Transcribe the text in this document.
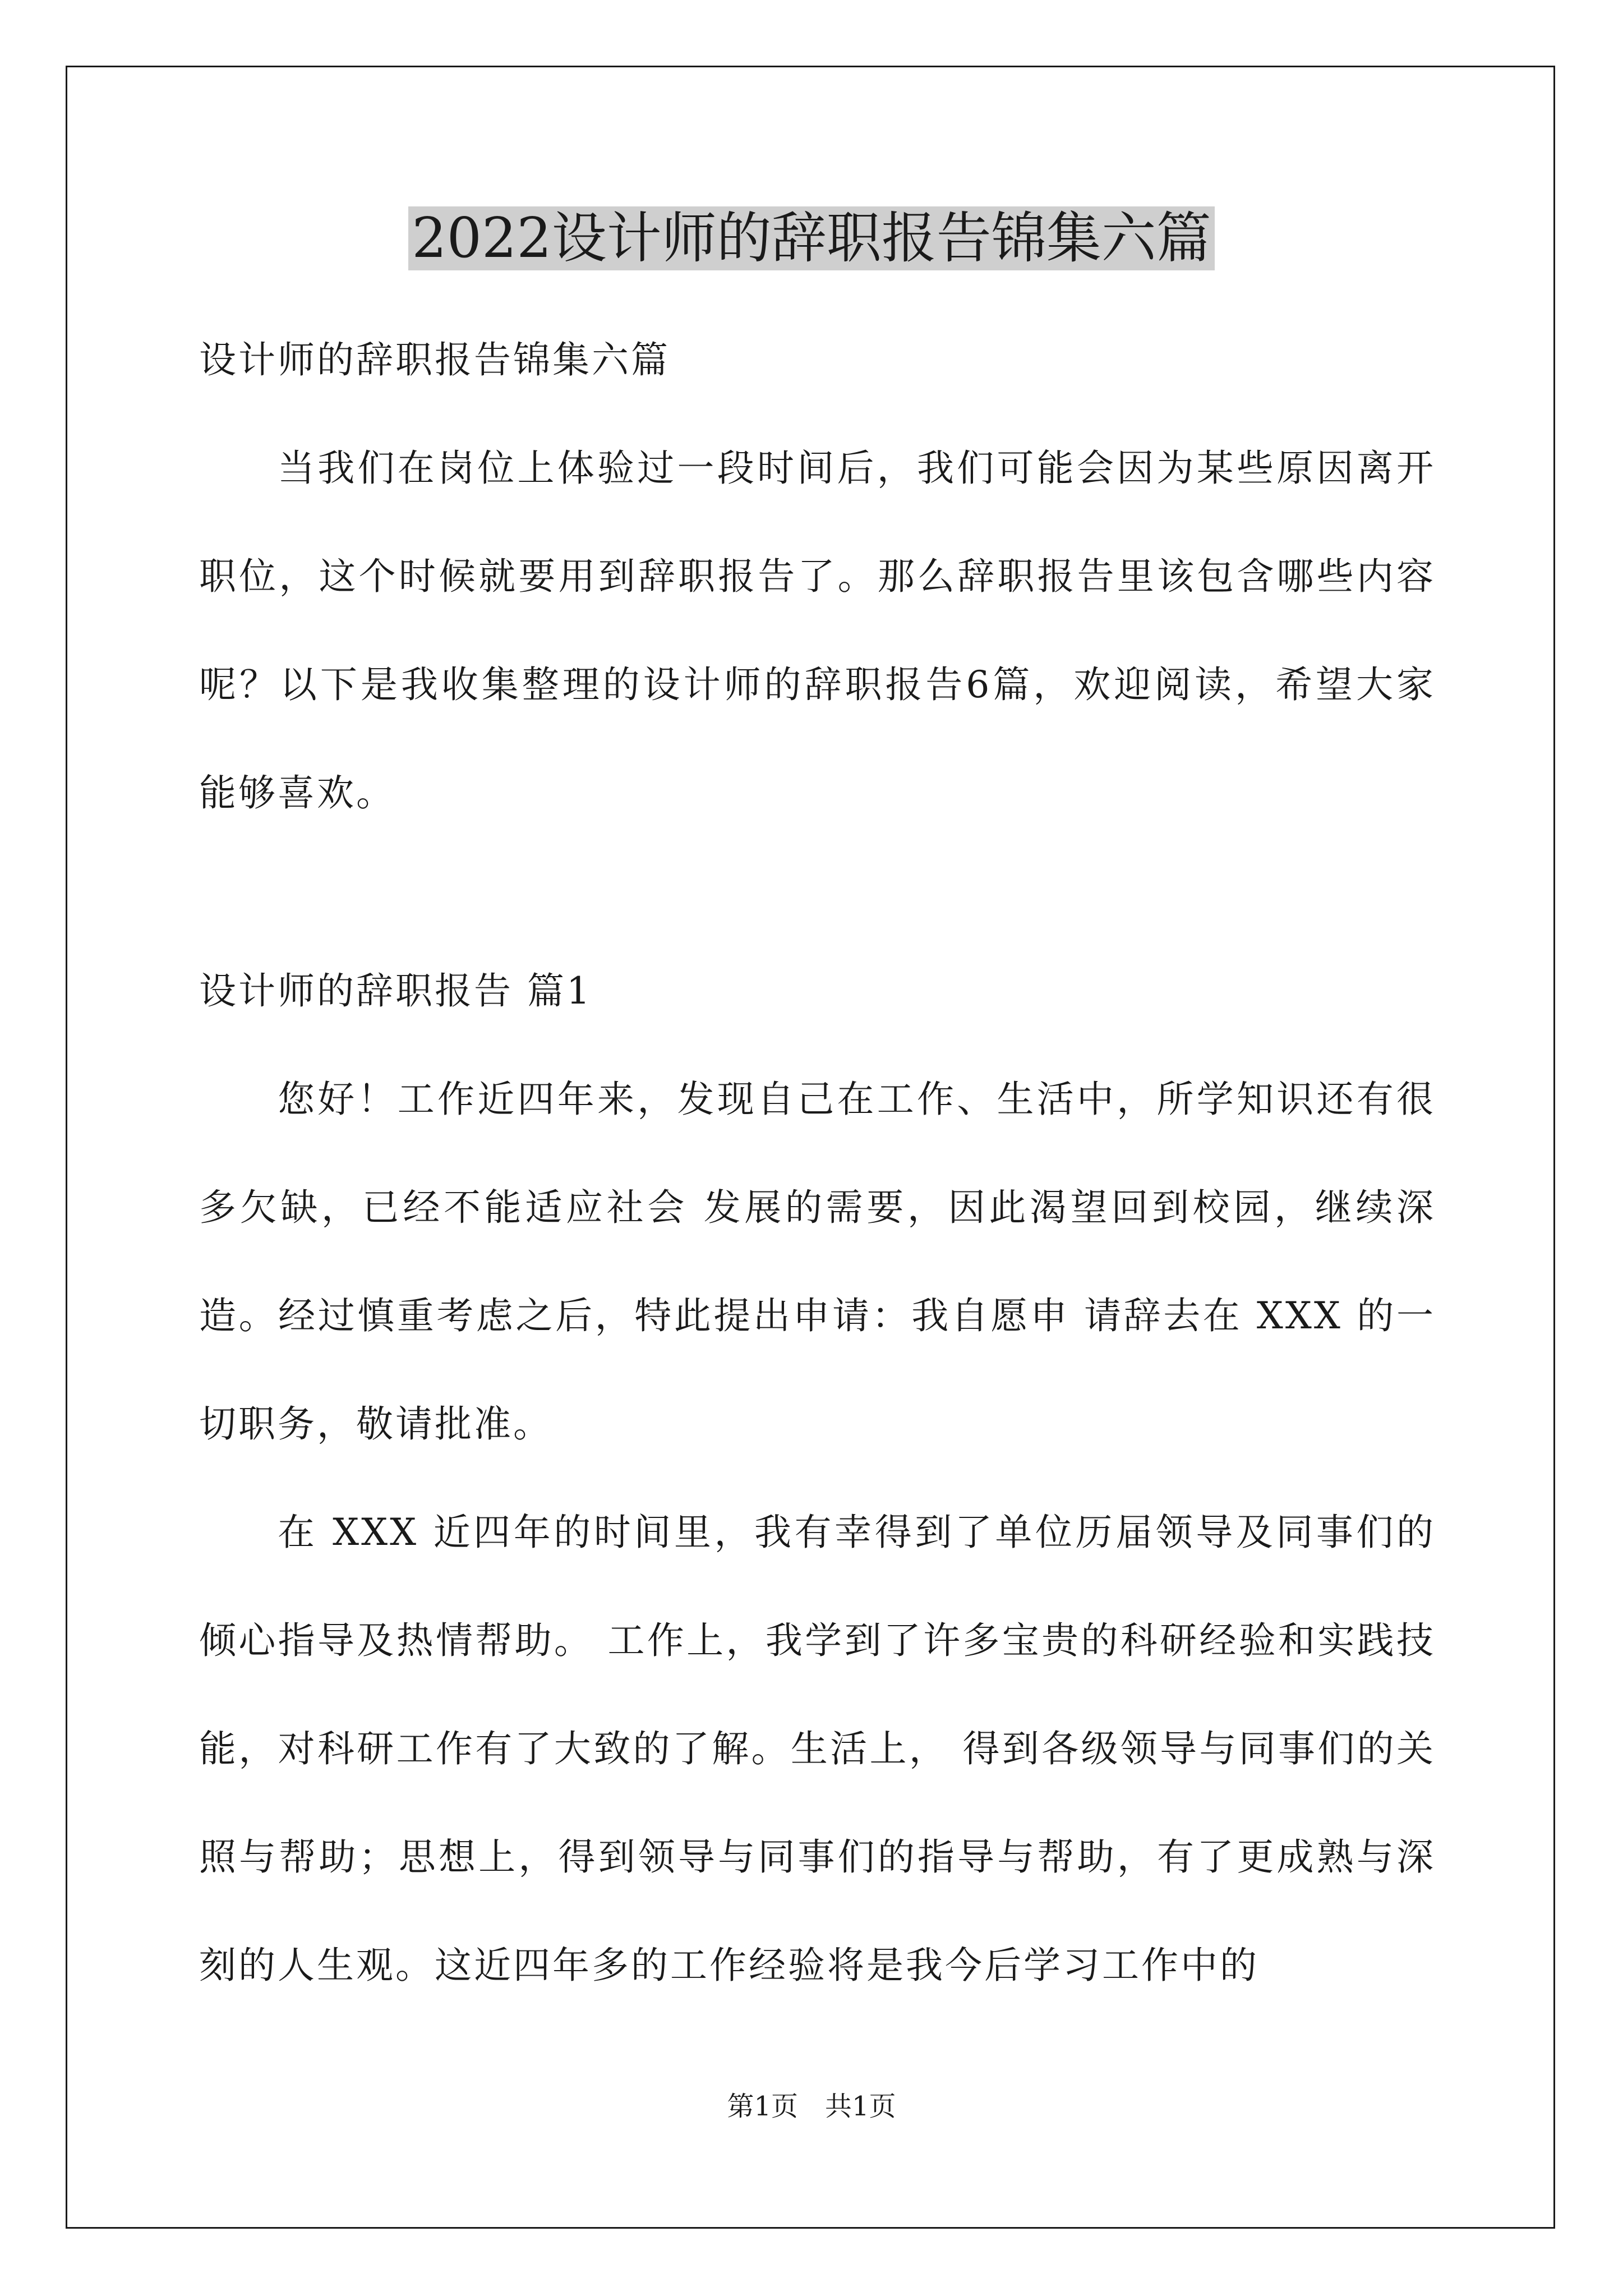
2022设计师的辞职报告锦集六篇

设计师的辞职报告锦集六篇

当我们在岗位上体验过一段时间后，我们可能会因为某些原因离开职位，这个时候就要用到辞职报告了。那么辞职报告里该包含哪些内容呢？以下是我收集整理的设计师的辞职报告6篇，欢迎阅读，希望大家能够喜欢。

设计师的辞职报告 篇1

您好！工作近四年来，发现自己在工作、生活中，所学知识还有很多欠缺，已经不能适应社会 发展的需要，因此渴望回到校园，继续深造。经过慎重考虑之后，特此提出申请：我自愿申 请辞去在 XXX 的一切职务，敬请批准。

在 XXX 近四年的时间里，我有幸得到了单位历届领导及同事们的倾心指导及热情帮助。 工作上，我学到了许多宝贵的科研经验和实践技能，对科研工作有了大致的了解。生活上， 得到各级领导与同事们的关照与帮助；思想上，得到领导与同事们的指导与帮助，有了更成熟与深刻的人生观。这近四年多的工作经验将是我今后学习工作中的

第1页 共1页
